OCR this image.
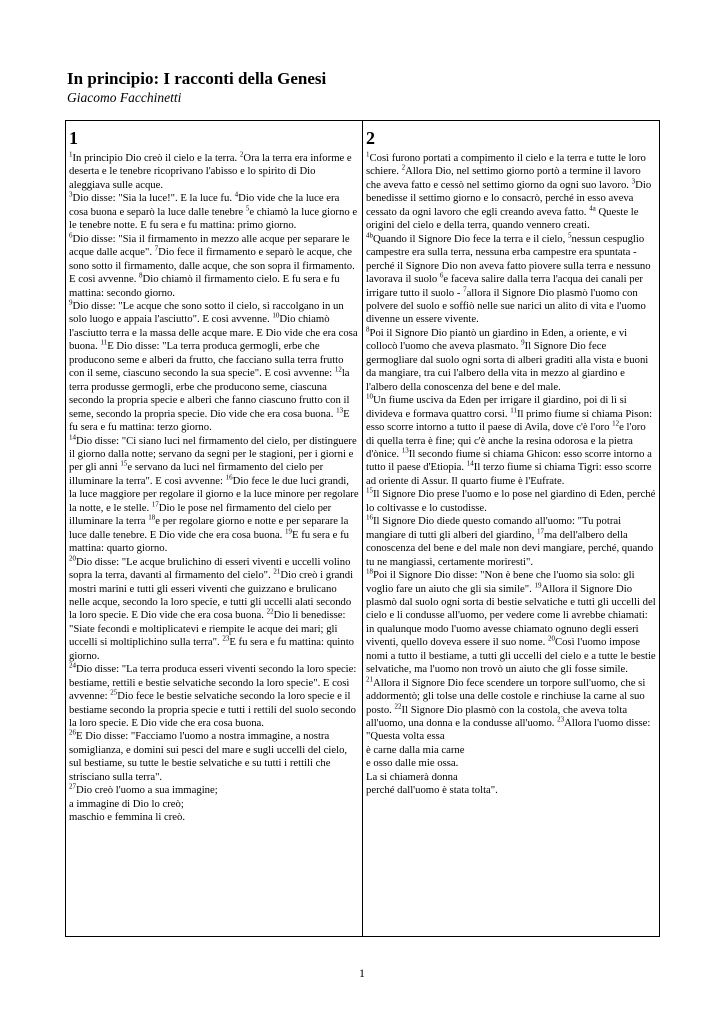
In principio: I racconti della Genesi
Giacomo Facchinetti
1

$^1$In principio Dio creò il cielo e la terra. $^2$Ora la terra era informe e deserta e le tenebre ricoprivano l'abisso e lo spirito di Dio aleggiava sulle acque.

$^3$Dio disse: "Sia la luce!". E la luce fu. $^4$Dio vide che la luce era cosa buona e separò la luce dalle tenebre $^5$e chiamò la luce giorno e le tenebre notte. E fu sera e fu mattina: primo giorno.

$^6$Dio disse: "Sia il firmamento in mezzo alle acque per separare le acque dalle acque". $^7$Dio fece il firmamento e separò le acque, che sono sotto il firmamento, dalle acque, che son sopra il firmamento. E così avvenne. $^8$Dio chiamò il firmamento cielo. E fu sera e fu mattina: secondo giorno.

$^9$Dio disse: "Le acque che sono sotto il cielo, si raccolgano in un solo luogo e appaia l'asciutto". E così avvenne. $^{10}$Dio chiamò l'asciutto terra e la massa delle acque mare. E Dio vide che era cosa buona. $^{11}$E Dio disse: "La terra produca germogli, erbe che producono seme e alberi da frutto, che facciano sulla terra frutto con il seme, ciascuno secondo la sua specie". E così avvenne: $^{12}$la terra produsse germogli, erbe che producono seme, ciascuna secondo la propria specie e alberi che fanno ciascuno frutto con il seme, secondo la propria specie. Dio vide che era cosa buona. $^{13}$E fu sera e fu mattina: terzo giorno.

$^{14}$Dio disse: "Ci siano luci nel firmamento del cielo, per distinguere il giorno dalla notte; servano da segni per le stagioni, per i giorni e per gli anni $^{15}$e servano da luci nel firmamento del cielo per illuminare la terra". E così avvenne: $^{16}$Dio fece le due luci grandi, la luce maggiore per regolare il giorno e la luce minore per regolare la notte, e le stelle. $^{17}$Dio le pose nel firmamento del cielo per illuminare la terra $^{18}$e per regolare giorno e notte e per separare la luce dalle tenebre. E Dio vide che era cosa buona. $^{19}$E fu sera e fu mattina: quarto giorno.

$^{20}$Dio disse: "Le acque brulichino di esseri viventi e uccelli volino sopra la terra, davanti al firmamento del cielo". $^{21}$Dio creò i grandi mostri marini e tutti gli esseri viventi che guizzano e brulicano nelle acque, secondo la loro specie, e tutti gli uccelli alati secondo la loro specie. E Dio vide che era cosa buona. $^{22}$Dio li benedisse: "Siate fecondi e moltiplicatevi e riempite le acque dei mari; gli uccelli si moltiplichino sulla terra". $^{23}$E fu sera e fu mattina: quinto giorno.

$^{24}$Dio disse: "La terra produca esseri viventi secondo la loro specie: bestiame, rettili e bestie selvatiche secondo la loro specie". E così avvenne: $^{25}$Dio fece le bestie selvatiche secondo la loro specie e il bestiame secondo la propria specie e tutti i rettili del suolo secondo la loro specie. E Dio vide che era cosa buona.

$^{26}$E Dio disse: "Facciamo l'uomo a nostra immagine, a nostra somiglianza, e domini sui pesci del mare e sugli uccelli del cielo, sul bestiame, su tutte le bestie selvatiche e su tutti i rettili che strisciano sulla terra".

$^{27}$Dio creò l'uomo a sua immagine;

a immagine di Dio lo creò;

maschio e femmina li creò.

2

$^1$Così furono portati a compimento il cielo e la terra e tutte le loro schiere. $^2$Allora Dio, nel settimo giorno portò a termine il lavoro che aveva fatto e cessò nel settimo giorno da ogni suo lavoro. $^3$Dio benedisse il settimo giorno e lo consacrò, perché in esso aveva cessato da ogni lavoro che egli creando aveva fatto. $^{4a}$ Queste le origini del cielo e della terra, quando vennero creati.

$^{4b}$Quando il Signore Dio fece la terra e il cielo, $^5$nessun cespuglio campestre era sulla terra, nessuna erba campestre era spuntata - perché il Signore Dio non aveva fatto piovere sulla terra e nessuno lavorava il suolo $^6$e faceva salire dalla terra l'acqua dei canali per irrigare tutto il suolo - $^7$allora il Signore Dio plasmò l'uomo con polvere del suolo e soffiò nelle sue narici un alito di vita e l'uomo divenne un essere vivente.

$^8$Poi il Signore Dio piantò un giardino in Eden, a oriente, e vi collocò l'uomo che aveva plasmato. $^9$Il Signore Dio fece germogliare dal suolo ogni sorta di alberi graditi alla vista e buoni da mangiare, tra cui l'albero della vita in mezzo al giardino e l'albero della conoscenza del bene e del male.

$^{10}$Un fiume usciva da Eden per irrigare il giardino, poi di lì si divideva e formava quattro corsi. $^{11}$Il primo fiume si chiama Pison: esso scorre intorno a tutto il paese di Avila, dove c'è l'oro $^{12}$e l'oro di quella terra è fine; qui c'è anche la resina odorosa e la pietra d'ònice. $^{13}$Il secondo fiume si chiama Ghicon: esso scorre intorno a tutto il paese d'Etiopia. $^{14}$Il terzo fiume si chiama Tigri: esso scorre ad oriente di Assur. Il quarto fiume è l'Eufrate.

$^{15}$Il Signore Dio prese l'uomo e lo pose nel giardino di Eden, perché lo coltivasse e lo custodisse.

$^{16}$Il Signore Dio diede questo comando all'uomo: "Tu potrai mangiare di tutti gli alberi del giardino, $^{17}$ma dell'albero della conoscenza del bene e del male non devi mangiare, perché, quando tu ne mangiassi, certamente moriresti".

$^{18}$Poi il Signore Dio disse: "Non è bene che l'uomo sia solo: gli voglio fare un aiuto che gli sia simile". $^{19}$Allora il Signore Dio plasmò dal suolo ogni sorta di bestie selvatiche e tutti gli uccelli del cielo e li condusse all'uomo, per vedere come li avrebbe chiamati: in qualunque modo l'uomo avesse chiamato ognuno degli esseri viventi, quello doveva essere il suo nome. $^{20}$Così l'uomo impose nomi a tutto il bestiame, a tutti gli uccelli del cielo e a tutte le bestie selvatiche, ma l'uomo non trovò un aiuto che gli fosse simile. $^{21}$Allora il Signore Dio fece scendere un torpore sull'uomo, che si addormentò; gli tolse una delle costole e rinchiuse la carne al suo posto. $^{22}$Il Signore Dio plasmò con la costola, che aveva tolta all'uomo, una donna e la condusse all'uomo. $^{23}$Allora l'uomo disse:

"Questa volta essa

è carne dalla mia carne

e osso dalle mie ossa.

La si chiamerà donna

perché dall'uomo è stata tolta".

1
